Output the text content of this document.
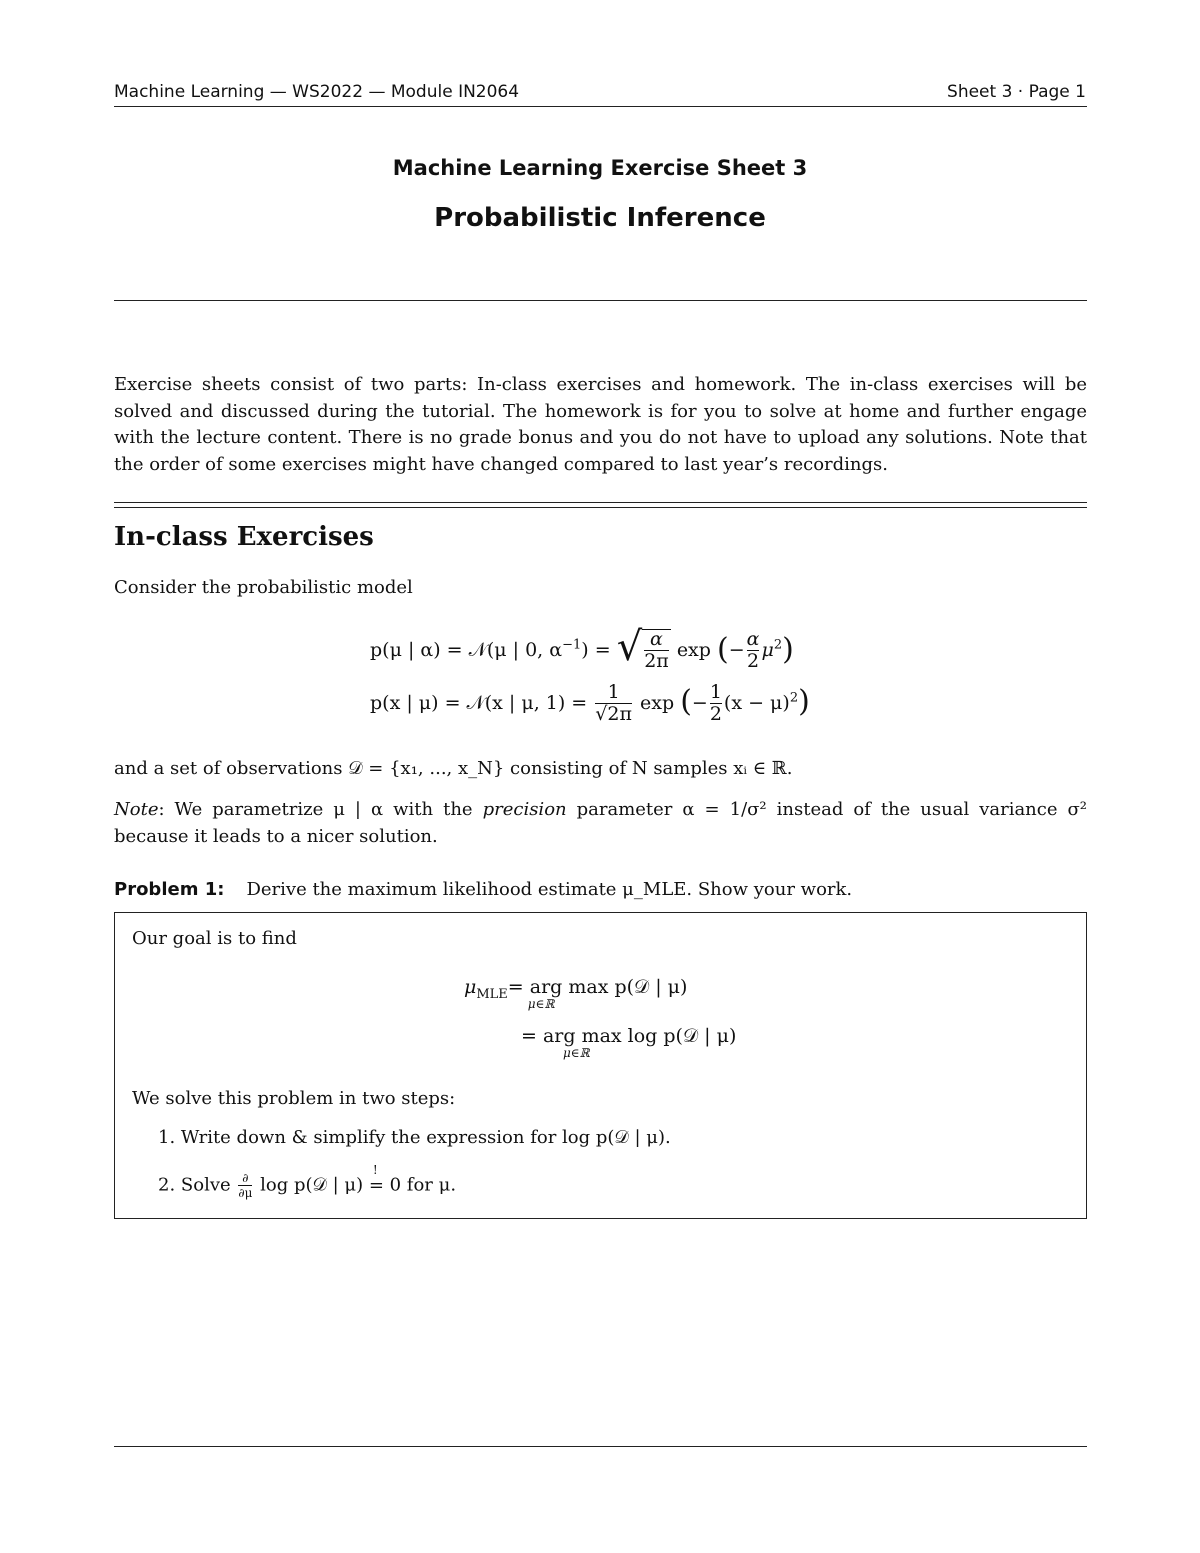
Machine Learning — WS2022 — Module IN2064	Sheet 3 · Page 1
Machine Learning Exercise Sheet 3
Probabilistic Inference
Exercise sheets consist of two parts: In-class exercises and homework. The in-class exercises will be solved and discussed during the tutorial. The homework is for you to solve at home and further engage with the lecture content. There is no grade bonus and you do not have to upload any solutions. Note that the order of some exercises might have changed compared to last year’s recordings.
In-class Exercises
Consider the probabilistic model
p(μ | α) = 𝒩(μ | 0, $\alpha^{-1}$) = √ $\frac{\alpha}{2\pi}$ exp (− $\frac{\alpha}{2} \mu^2$)
p(x | μ) = 𝒩(x | μ, $1) = \frac{1}{√2\pi}$ exp (− $\frac{1}{2} (x - \mu)^2$)
and a set of observations 𝒟 = {x₁, ..., x_N} consisting of N samples xᵢ ∈ ℝ.
Note: We parametrize μ | α with the precision parameter α = 1/σ² instead of the usual variance σ² because it leads to a nicer solution.
Problem 1: Derive the maximum likelihood estimate μ_MLE. Show your work.
Our goal is to find
$\mu_{MLE}=$ arg max p(𝒟 | μ)
μ∈ℝ
= arg max log p(𝒟 | μ)
μ∈ℝ
We solve this problem in two steps:
1. Write down & simplify the expression for log p(𝒟 | μ).
2. Solve $\frac{\partial}{\partial\mu}$ log p(𝒟 | μ)
!
= 0 for μ.
